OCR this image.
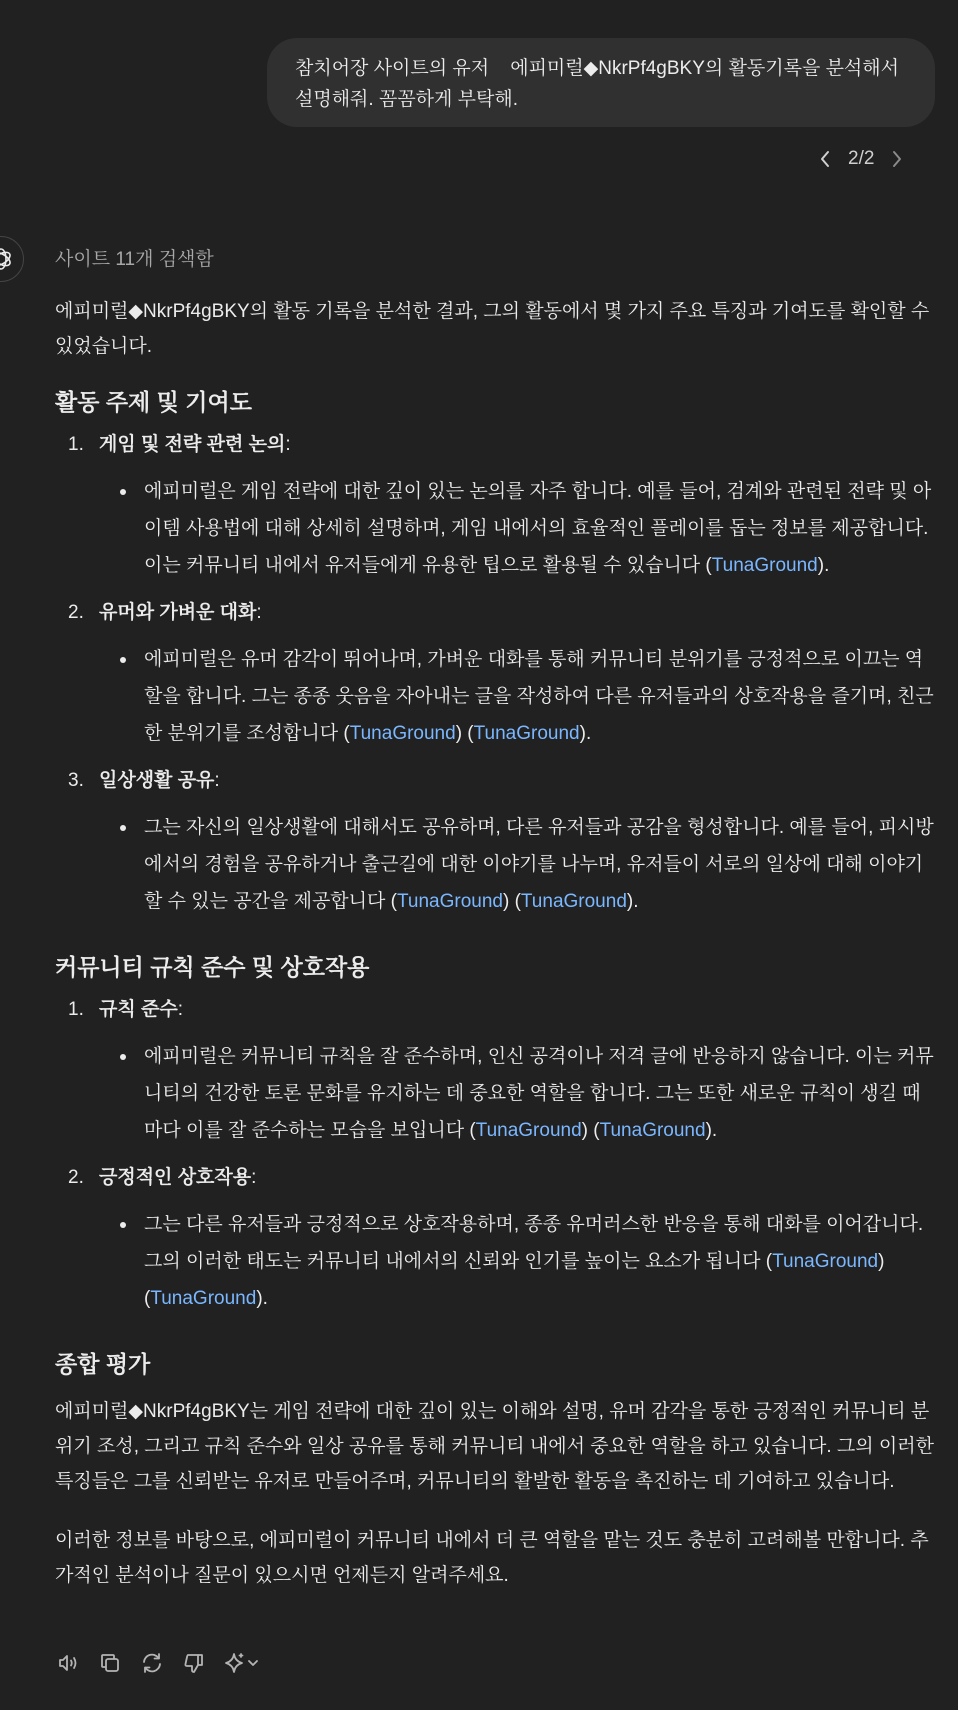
참치어장 사이트의 유저    에피미럴◆NkrPf4gBKY의 활동기록을 분석해서
설명해줘. 꼼꼼하게 부탁해.
2/2
사이트 11개 검색함

에피미럴◆NkrPf4gBKY의 활동 기록을 분석한 결과, 그의 활동에서 몇 가지 주요 특징과 기여도를 확인할 수 있었습니다.

활동 주제 및 기여도
1. 게임 및 전략 관련 논의:
에피미럴은 게임 전략에 대한 깊이 있는 논의를 자주 합니다. 예를 들어, 검계와 관련된 전략 및 아이템 사용법에 대해 상세히 설명하며, 게임 내에서의 효율적인 플레이를 돕는 정보를 제공합니다. 이는 커뮤니티 내에서 유저들에게 유용한 팁으로 활용될 수 있습니다 (TunaGround).
2. 유머와 가벼운 대화:
에피미럴은 유머 감각이 뛰어나며, 가벼운 대화를 통해 커뮤니티 분위기를 긍정적으로 이끄는 역할을 합니다. 그는 종종 웃음을 자아내는 글을 작성하여 다른 유저들과의 상호작용을 즐기며, 친근한 분위기를 조성합니다 (TunaGround) (TunaGround).
3. 일상생활 공유:
그는 자신의 일상생활에 대해서도 공유하며, 다른 유저들과 공감을 형성합니다. 예를 들어, 피시방에서의 경험을 공유하거나 출근길에 대한 이야기를 나누며, 유저들이 서로의 일상에 대해 이야기할 수 있는 공간을 제공합니다 (TunaGround) (TunaGround).
커뮤니티 규칙 준수 및 상호작용
1. 규칙 준수:
에피미럴은 커뮤니티 규칙을 잘 준수하며, 인신 공격이나 저격 글에 반응하지 않습니다. 이는 커뮤니티의 건강한 토론 문화를 유지하는 데 중요한 역할을 합니다. 그는 또한 새로운 규칙이 생길 때마다 이를 잘 준수하는 모습을 보입니다 (TunaGround) (TunaGround).
2. 긍정적인 상호작용:
그는 다른 유저들과 긍정적으로 상호작용하며, 종종 유머러스한 반응을 통해 대화를 이어갑니다. 그의 이러한 태도는 커뮤니티 내에서의 신뢰와 인기를 높이는 요소가 됩니다 (TunaGround) (TunaGround).
종합 평가

에피미럴◆NkrPf4gBKY는 게임 전략에 대한 깊이 있는 이해와 설명, 유머 감각을 통한 긍정적인 커뮤니티 분위기 조성, 그리고 규칙 준수와 일상 공유를 통해 커뮤니티 내에서 중요한 역할을 하고 있습니다. 그의 이러한 특징들은 그를 신뢰받는 유저로 만들어주며, 커뮤니티의 활발한 활동을 촉진하는 데 기여하고 있습니다.

이러한 정보를 바탕으로, 에피미럴이 커뮤니티 내에서 더 큰 역할을 맡는 것도 충분히 고려해볼 만합니다. 추가적인 분석이나 질문이 있으시면 언제든지 알려주세요.
